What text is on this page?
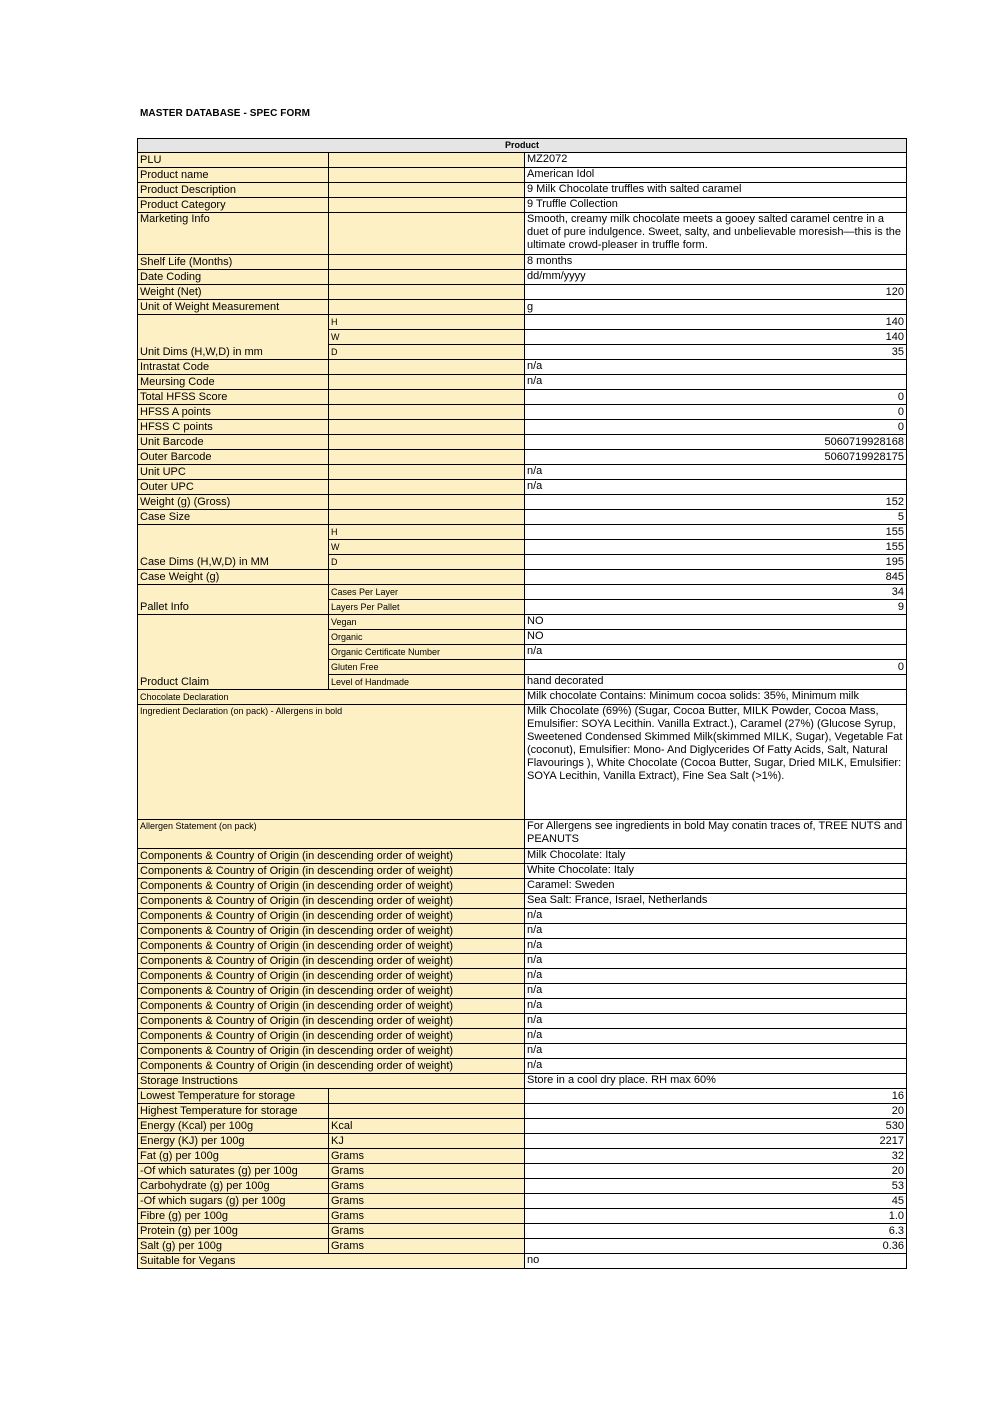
MASTER DATABASE - SPEC FORM
Product		
PLU		MZ2072
Product name		American Idol
Product Description		9 Milk Chocolate truffles with salted caramel
Product Category		9 Truffle Collection
Marketing Info		Smooth, creamy milk chocolate meets a gooey salted caramel centre in a duet of pure indulgence. Sweet, salty, and unbelievable moresish—this is the ultimate crowd-pleaser in truffle form.
Shelf Life (Months)		8 months
Date Coding		dd/mm/yyyy
Weight (Net)		120
Unit of Weight Measurement		g
Unit Dims (H,W,D) in mm	H	140
	W	140
	D	35
Intrastat Code		n/a
Meursing Code		n/a
Total HFSS Score		0
HFSS A points		0
HFSS C points		0
Unit Barcode		5060719928168
Outer Barcode		5060719928175
Unit UPC		n/a
Outer UPC		n/a
Weight (g) (Gross)		152
Case Size		5
Case Dims (H,W,D) in MM	H	155
	W	155
	D	195
Case Weight (g)		845
Pallet Info	Cases Per Layer	34
	Layers Per Pallet	9
Product Claim	Vegan	NO
	Organic	NO
	Organic Certificate Number	n/a
	Gluten Free	0
	Level of Handmade	hand decorated
Chocolate Declaration		Milk chocolate Contains: Minimum cocoa solids: 35%, Minimum milk
Ingredient Declaration (on pack) - Allergens in bold		Milk Chocolate (69%) (Sugar, Cocoa Butter, MILK Powder, Cocoa Mass, Emulsifier: SOYA Lecithin. Vanilla Extract.), Caramel (27%) (Glucose Syrup, Sweetened Condensed Skimmed Milk(skimmed MILK, Sugar), Vegetable Fat (coconut), Emulsifier: Mono- And Diglycerides Of Fatty Acids, Salt, Natural Flavourings ), White Chocolate (Cocoa Butter, Sugar, Dried MILK, Emulsifier: SOYA Lecithin, Vanilla Extract), Fine Sea Salt (>1%).
Allergen Statement (on pack)		For Allergens see ingredients in bold May conatin traces of, TREE NUTS and PEANUTS
Components & Country of Origin (in descending order of weight)		Milk Chocolate: Italy
Components & Country of Origin (in descending order of weight)		White Chocolate: Italy
Components & Country of Origin (in descending order of weight)		Caramel: Sweden
Components & Country of Origin (in descending order of weight)		Sea Salt: France, Israel, Netherlands
Components & Country of Origin (in descending order of weight)		n/a
Components & Country of Origin (in descending order of weight)		n/a
Components & Country of Origin (in descending order of weight)		n/a
Components & Country of Origin (in descending order of weight)		n/a
Components & Country of Origin (in descending order of weight)		n/a
Components & Country of Origin (in descending order of weight)		n/a
Components & Country of Origin (in descending order of weight)		n/a
Components & Country of Origin (in descending order of weight)		n/a
Components & Country of Origin (in descending order of weight)		n/a
Components & Country of Origin (in descending order of weight)		n/a
Components & Country of Origin (in descending order of weight)		n/a
Storage Instructions		Store in a cool dry place. RH max 60%
Lowest Temperature for storage		16
Highest Temperature for storage		20
Energy (Kcal) per 100g	Kcal	530
Energy (KJ) per 100g	KJ	2217
Fat (g) per 100g	Grams	32
-Of which saturates (g) per 100g	Grams	20
Carbohydrate (g) per 100g	Grams	53
-Of which sugars (g) per 100g	Grams	45
Fibre (g) per 100g	Grams	1.0
Protein (g) per 100g	Grams	6.3
Salt (g) per 100g	Grams	0.36
Suitable for Vegans		no
